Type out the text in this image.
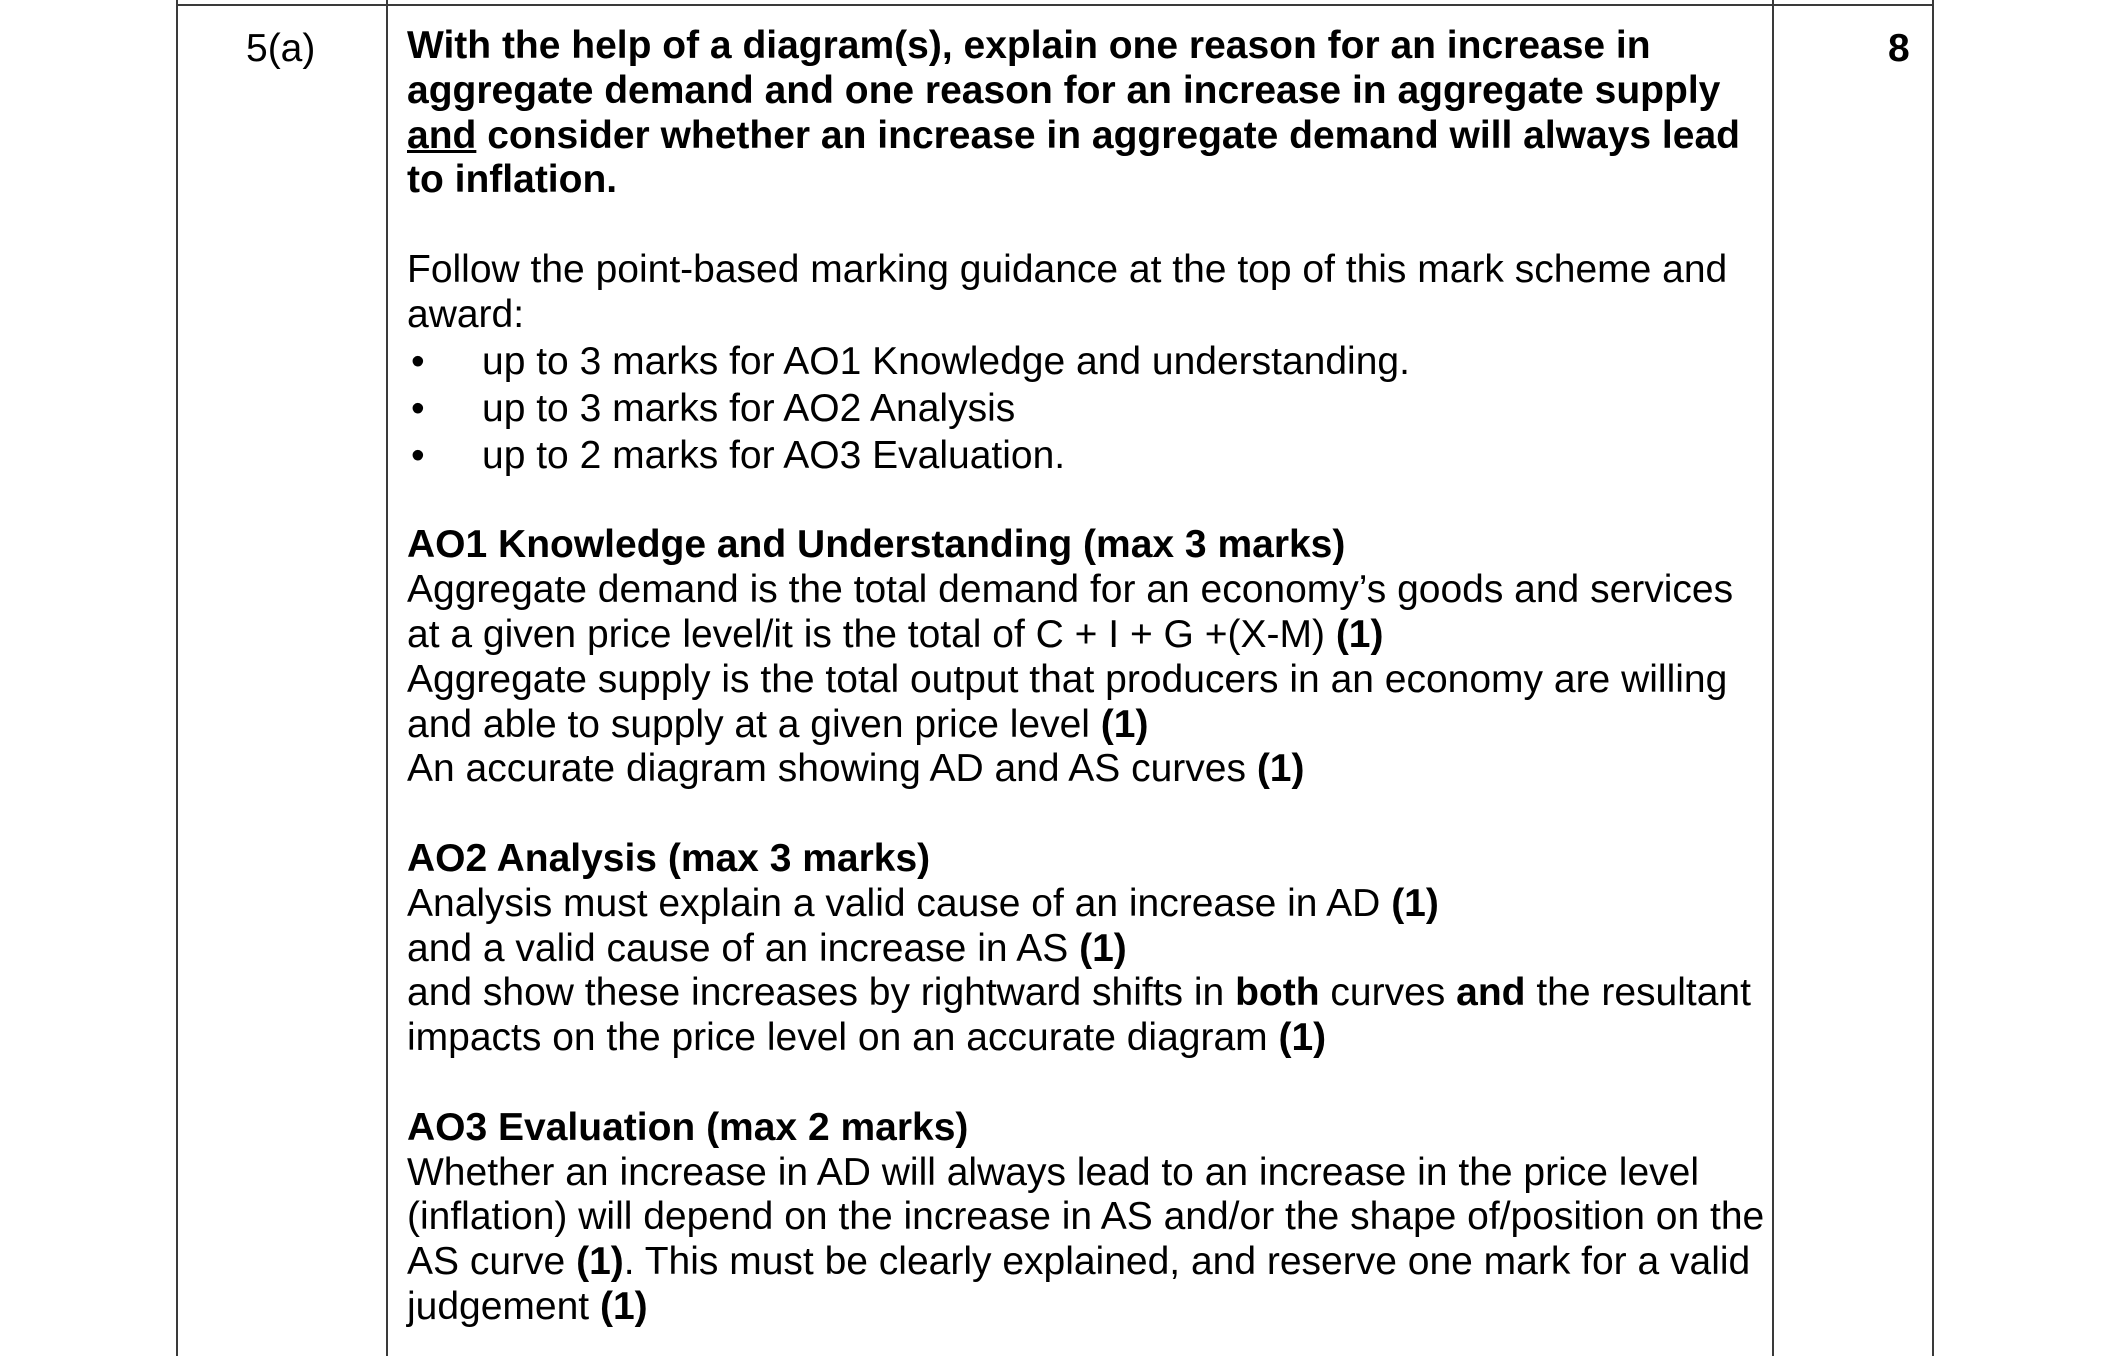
5(a)	8

With the help of a diagram(s), explain one reason for an increase in aggregate demand and one reason for an increase in aggregate supply and consider whether an increase in aggregate demand will always lead to inflation.

Follow the point-based marking guidance at the top of this mark scheme and award:

• up to 3 marks for AO1 Knowledge and understanding.
• up to 3 marks for AO2 Analysis
• up to 2 marks for AO3 Evaluation.

AO1 Knowledge and Understanding (max 3 marks)

Aggregate demand is the total demand for an economy’s goods and services at a given price level/it is the total of C + I + G +(X-M) (1)

Aggregate supply is the total output that producers in an economy are willing and able to supply at a given price level (1)

An accurate diagram showing AD and AS curves (1)

AO2 Analysis (max 3 marks)

Analysis must explain a valid cause of an increase in AD (1)

and a valid cause of an increase in AS (1)

and show these increases by rightward shifts in both curves and the resultant impacts on the price level on an accurate diagram (1)

AO3 Evaluation (max 2 marks)

Whether an increase in AD will always lead to an increase in the price level (inflation) will depend on the increase in AS and/or the shape of/position on the AS curve (1). This must be clearly explained, and reserve one mark for a valid judgement (1)
